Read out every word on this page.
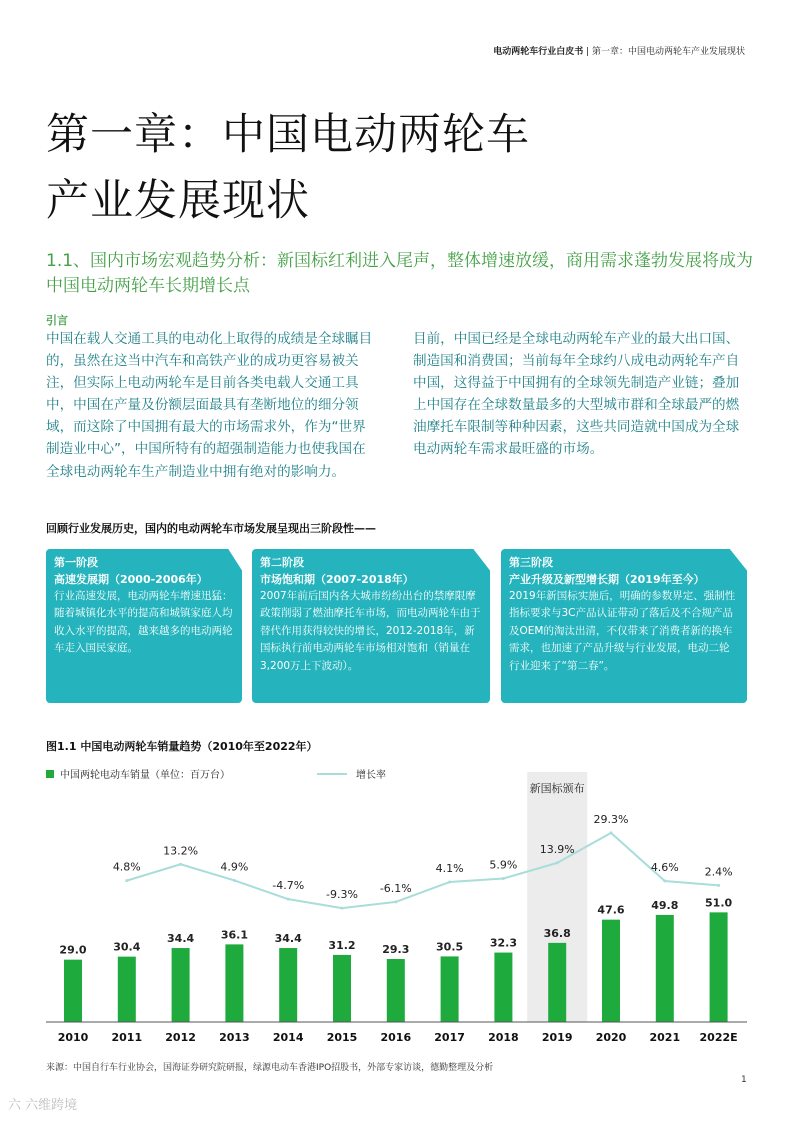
电动两轮车行业白皮书 | 第一章：中国电动两轮车产业发展现状
第一章：中国电动两轮车
产业发展现状
1.1、国内市场宏观趋势分析：新国标红利进入尾声，整体增速放缓，商用需求蓬勃发展将成为中国电动两轮车长期增长点
引言
中国在载人交通工具的电动化上取得的成绩是全球瞩目的，虽然在这当中汽车和高铁产业的成功更容易被关注，但实际上电动两轮车是目前各类电载人交通工具中，中国在产量及份额层面最具有垄断地位的细分领域，而这除了中国拥有最大的市场需求外，作为“世界制造业中心”，中国所特有的超强制造能力也使我国在全球电动两轮车生产制造业中拥有绝对的影响力。
目前，中国已经是全球电动两轮车产业的最大出口国、制造国和消费国；当前每年全球约八成电动两轮车产自中国，这得益于中国拥有的全球领先制造产业链；叠加上中国存在全球数量最多的大型城市群和全球最严的燃油摩托车限制等种种因素，这些共同造就中国成为全球电动两轮车需求最旺盛的市场。
回顾行业发展历史，国内的电动两轮车市场发展呈现出三阶段性——
第一阶段
高速发展期（2000-2006年）
行业高速发展，电动两轮车增速迅猛：随着城镇化水平的提高和城镇家庭人均收入水平的提高，越来越多的电动两轮车走入国民家庭。
第二阶段
市场饱和期（2007-2018年）
2007年前后国内各大城市纷纷出台的禁摩限摩政策削弱了燃油摩托车市场，而电动两轮车由于替代作用获得较快的增长，2012-2018年，新国标执行前电动两轮车市场相对饱和（销量在3,200万上下波动）。
第三阶段
产业升级及新型增长期（2019年至今）
2019年新国标实施后，明确的参数界定、强制性指标要求与3C产品认证带动了落后及不合规产品及OEM的淘汰出清，不仅带来了消费者新的换车需求，也加速了产品升级与行业发展，电动二轮行业迎来了“第二春”。
图1.1 中国电动两轮车销量趋势（2010年至2022年）
新国标颁布
中国两轮电动车销量（单位：百万台）	增长率
29.0
2010
30.4
2011
34.4
2012
36.1
2013
34.4
2014
31.2
2015
29.3
2016
30.5
2017
32.3
2018
36.8
2019
47.6
2020
49.8
2021
51.0
2022E
4.8%
13.2%
4.9%
-4.7%
-9.3% -6.1%
4.1% 5.9%
13.9%
29.3%
4.6% 2.4%
来源：中国自行车行业协会，国海证券研究院研报，绿源电动车香港IPO招股书，外部专家访谈，德勤整理及分析
1
六 六维跨境
